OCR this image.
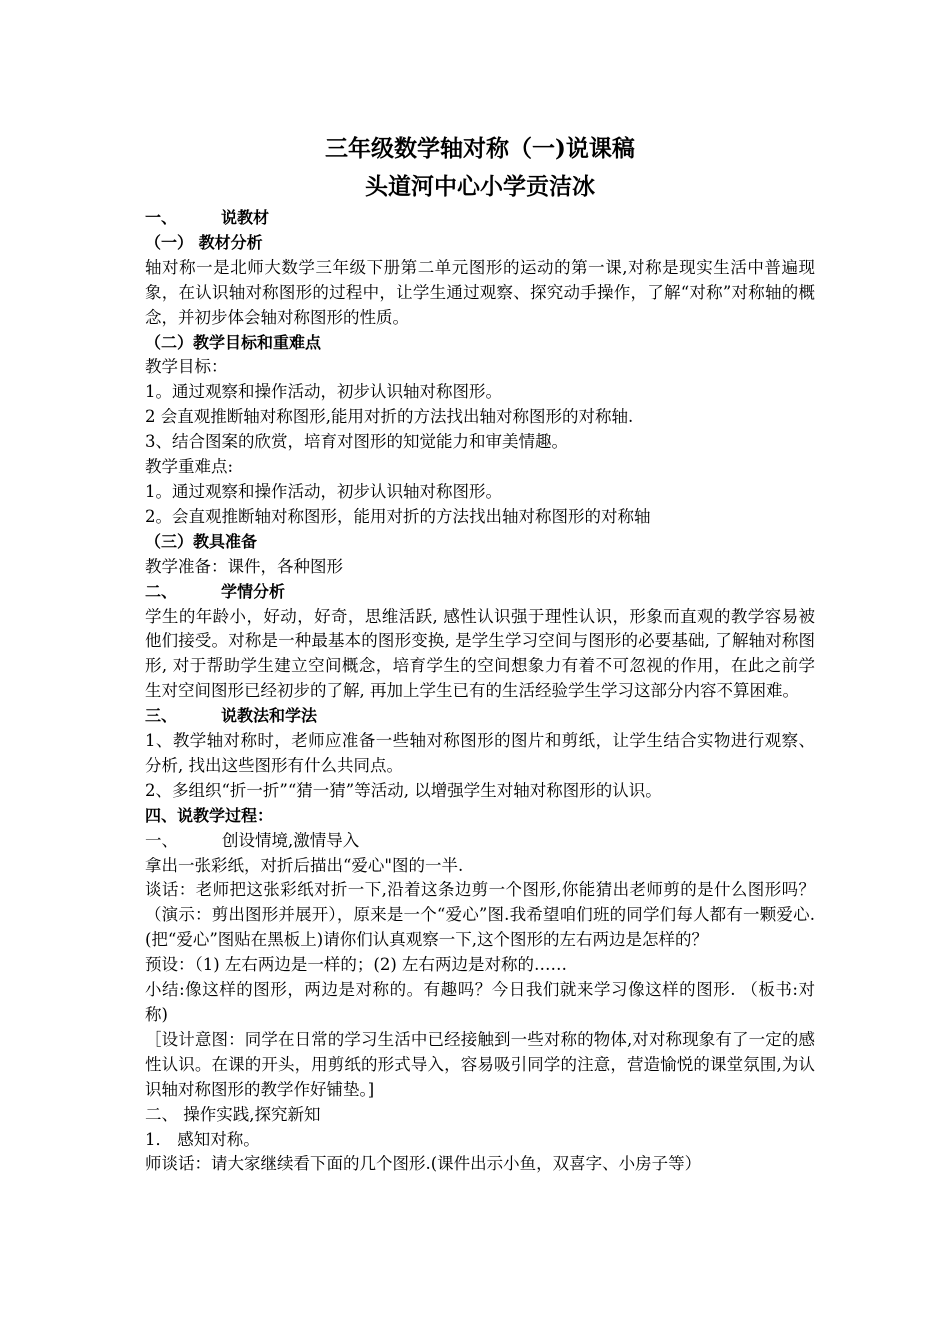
三年级数学轴对称（一)说课稿
头道河中心小学贡洁冰

一、	说教材

（一） 教材分析

轴对称一是北师大数学三年级下册第二单元图形的运动的第一课,对称是现实生活中普遍现象，在认识轴对称图形的过程中，让学生通过观察、探究动手操作，了解“对称”对称轴的概念，并初步体会轴对称图形的性质。

（二）教学目标和重难点

教学目标：

1。通过观察和操作活动，初步认识轴对称图形。

2 会直观推断轴对称图形,能用对折的方法找出轴对称图形的对称轴.

3、结合图案的欣赏，培育对图形的知觉能力和审美情趣。

教学重难点:

1。通过观察和操作活动，初步认识轴对称图形。

2。会直观推断轴对称图形，能用对折的方法找出轴对称图形的对称轴

（三）教具准备

教学准备：课件，各种图形

二、	学情分析

学生的年龄小，好动，好奇，思维活跃, 感性认识强于理性认识，形象而直观的教学容易被他们接受。对称是一种最基本的图形变换, 是学生学习空间与图形的必要基础, 了解轴对称图形, 对于帮助学生建立空间概念，培育学生的空间想象力有着不可忽视的作用，在此之前学生对空间图形已经初步的了解, 再加上学生已有的生活经验学生学习这部分内容不算困难。

三、	说教法和学法

1、教学轴对称时，老师应准备一些轴对称图形的图片和剪纸，让学生结合实物进行观察、分析, 找出这些图形有什么共同点。

2、多组织“折一折”“猜一猜”等活动, 以增强学生对轴对称图形的认识。

四、说教学过程：

一、	创设情境,激情导入

拿出一张彩纸，对折后描出“爱心"图的一半.

谈话：老师把这张彩纸对折一下,沿着这条边剪一个图形,你能猜出老师剪的是什么图形吗？（演示：剪出图形并展开），原来是一个“爱心”图.我希望咱们班的同学们每人都有一颗爱心.(把“爱心”图贴在黑板上)请你们认真观察一下,这个图形的左右两边是怎样的？

预设：（1) 左右两边是一样的；(2) 左右两边是对称的……

小结:像这样的图形，两边是对称的。有趣吗？今日我们就来学习像这样的图形. （板书:对称)

［设计意图：同学在日常的学习生活中已经接触到一些对称的物体,对对称现象有了一定的感性认识。在课的开头，用剪纸的形式导入，容易吸引同学的注意，营造愉悦的课堂氛围,为认识轴对称图形的教学作好铺垫。]

二、 操作实践,探究新知

1． 感知对称。

师谈话：请大家继续看下面的几个图形.(课件出示小鱼，双喜字、小房子等）
